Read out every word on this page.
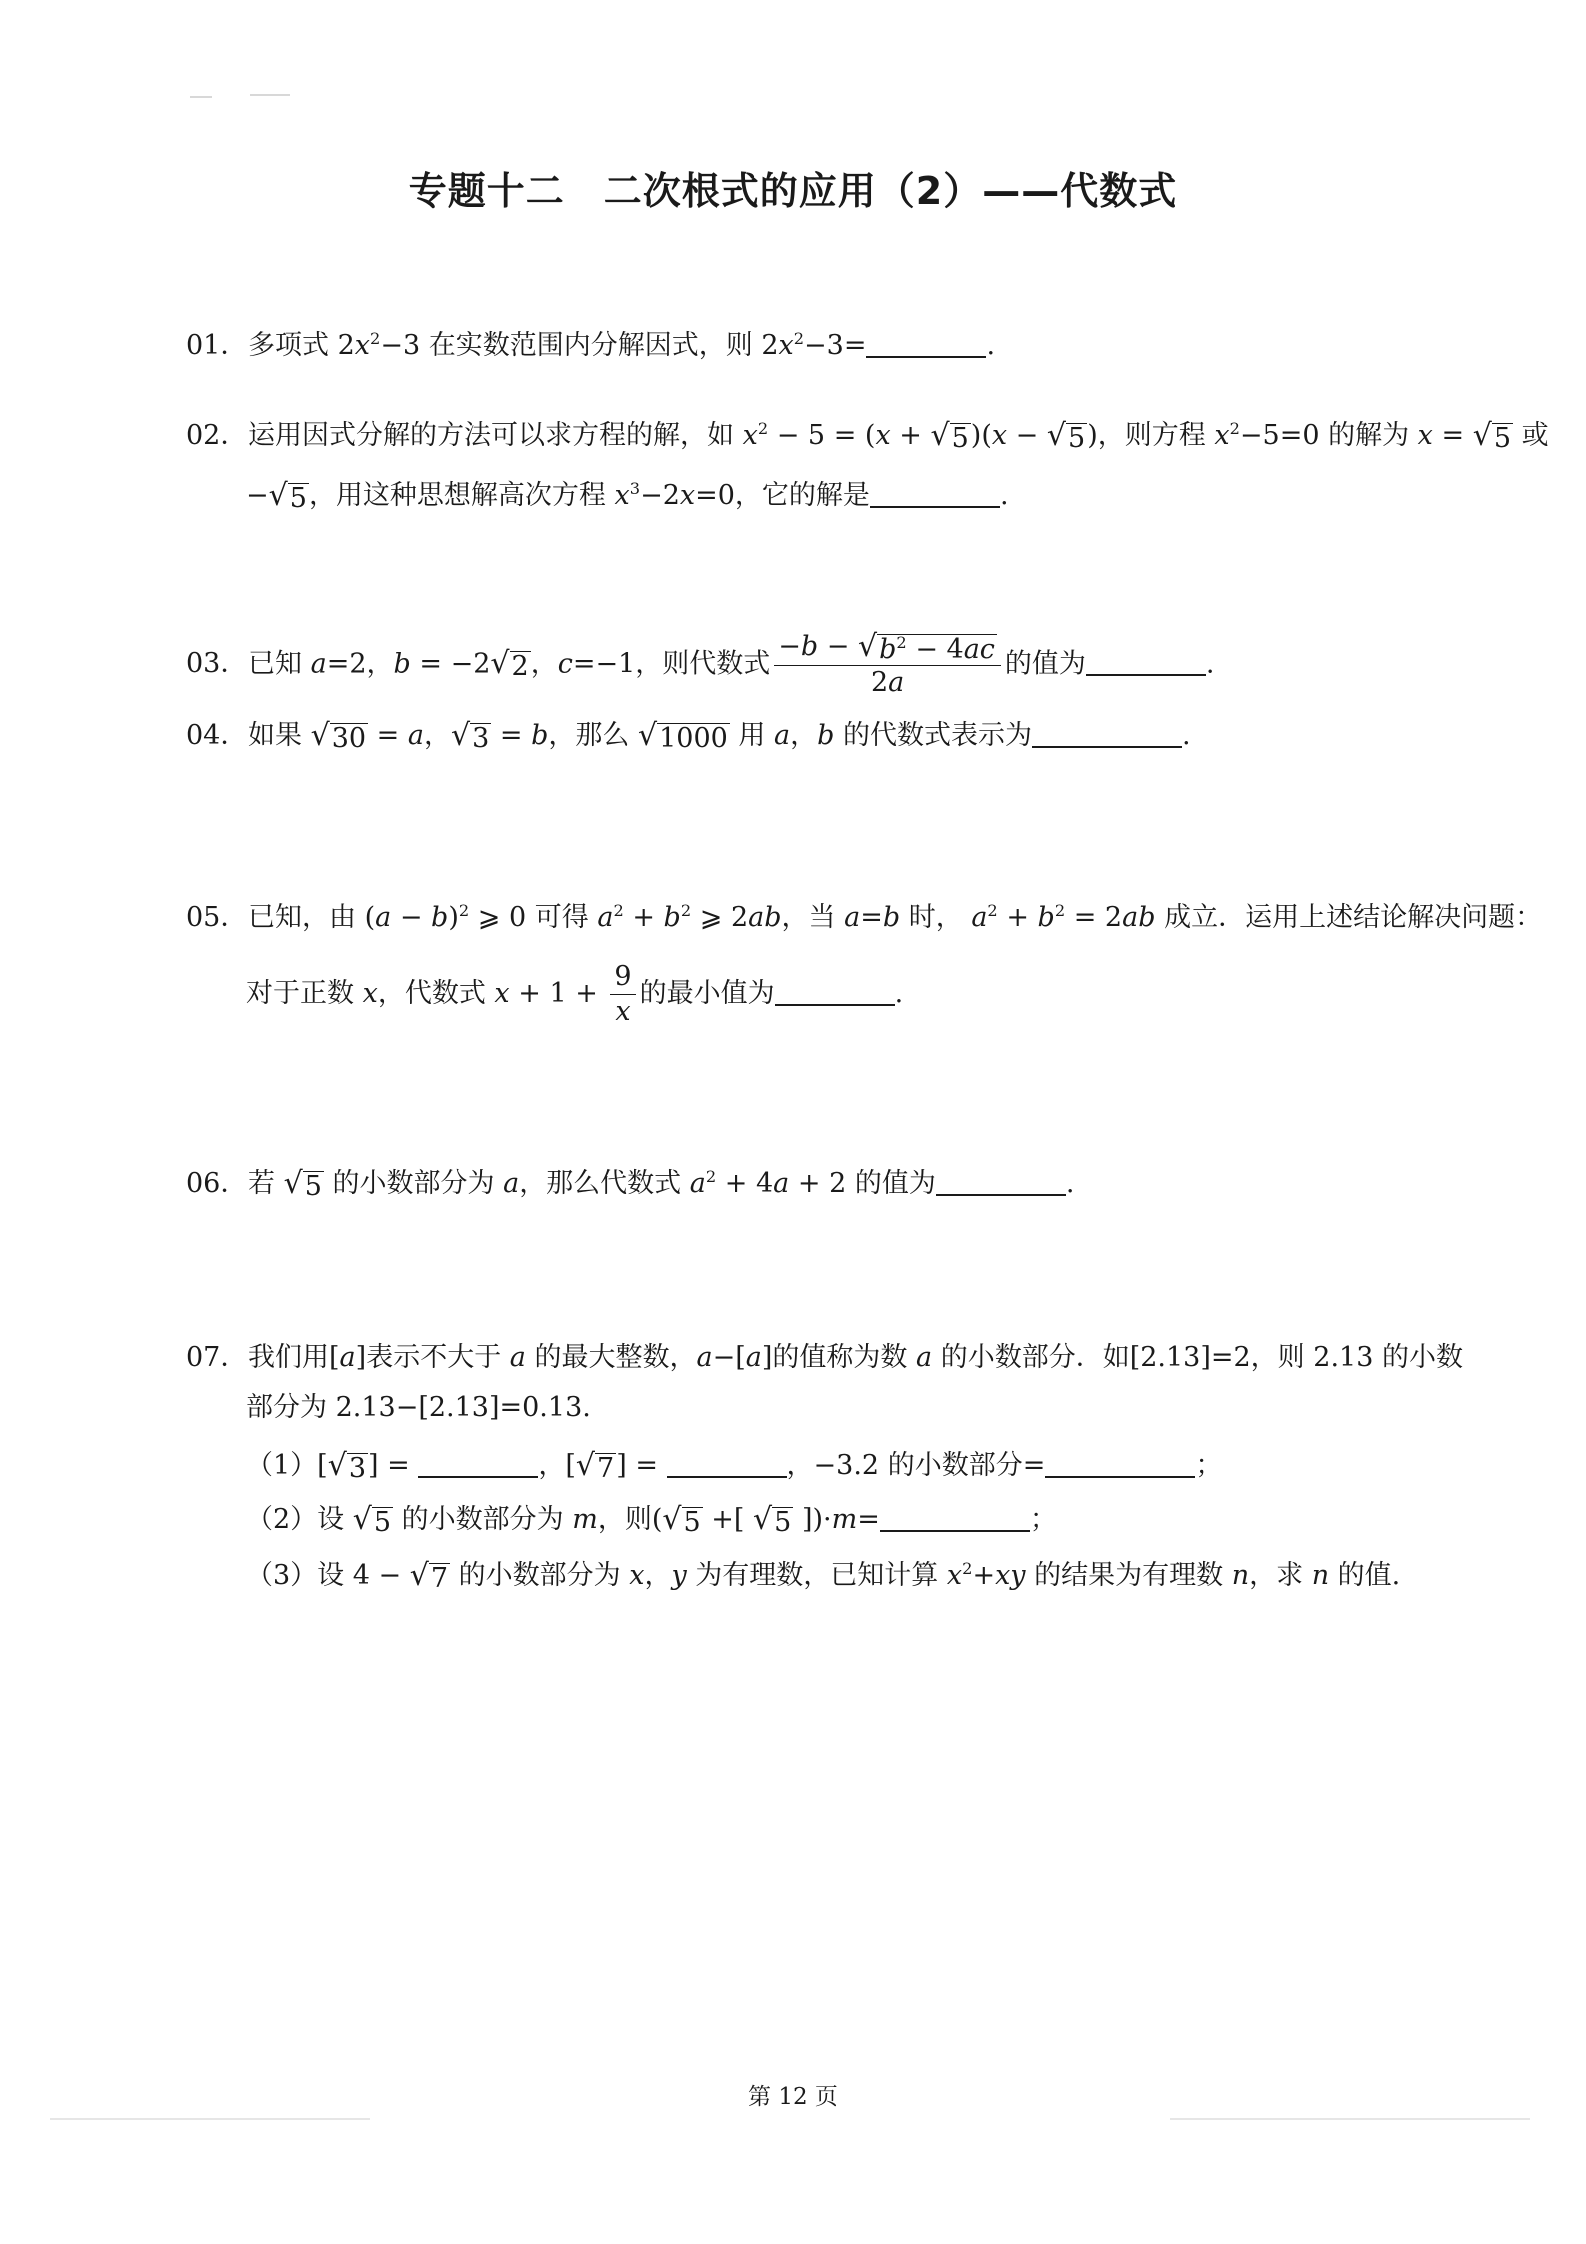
专题十二　二次根式的应用（2）——代数式
01．多项式 $2x^2-3$ 在实数范围内分解因式，则 $2x^2-3=$	.
02．运用因式分解的方法可以求方程的解，如 $x^2 - 5 = (x$ + √ 5 )(x − √ 5 )，则方程 $x^2-5=0$ 的解为 x = √ 5 或
− √ 5 ，用这种思想解高次方程 $x^3-2x=0$，它的解是	.
03．已知 a=2，b = −2 √ 2 ，c=−1，则代数式 $\frac{-b - √ b^2 - 4ac}{2a}$ 的值为	.
04．如果 √ 30 = a， √ 3 = b，那么 √ 1000 用 a，b 的代数式表示为	.
05．已知，由 $(a - b)^2$ ⩾ 0 可得 $a^2 + b^2$ ⩾ 2ab，当 a=b 时， $a^2 + b^2 = 2ab$ 成立．运用上述结论解决问题：
对于正数 x，代数式 $x + 1 + \frac{9}{x}$ 的最小值为	.
06．若 √ 5 的小数部分为 a，那么代数式 $a^2 + 4a + 2$ 的值为	.
07．我们用[a]表示不大于 a 的最大整数，a−[a]的值称为数 a 的小数部分．如[2.13]=2，则 2.13 的小数
部分为 2.13−[2.13]=0.13.
（1）[ √ 3 ] =	，[ √ 7 ] =	，−3.2 的小数部分=	；
（2）设 √ 5 的小数部分为 m，则( √ 5 +[ √ 5 ])·m=	；
（3）设 4 − √ 7 的小数部分为 x，y 为有理数，已知计算 $x^2+xy$ 的结果为有理数 n，求 n 的值.
第 12 页
